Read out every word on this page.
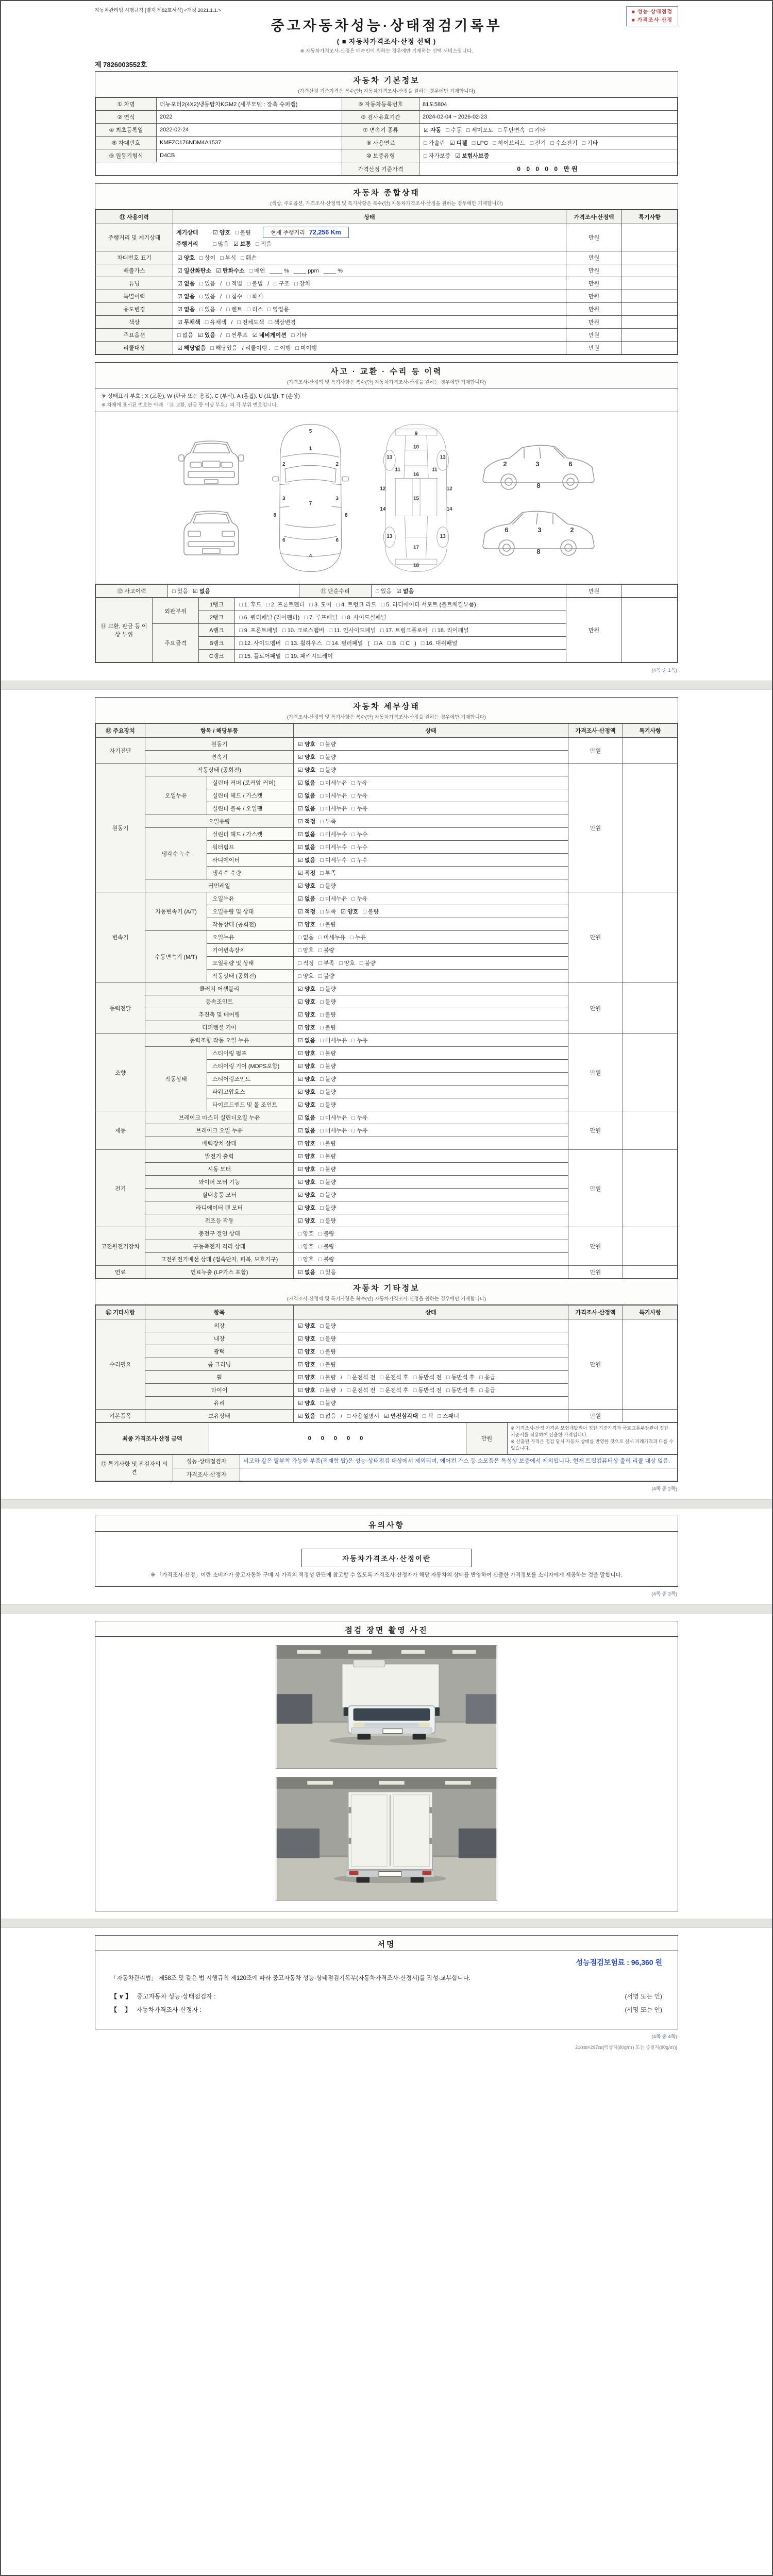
자동차관리법 시행규칙 [별지 제82호서식] <개정 2021.1.1.>	■ 성능·상태점검
■ 가격조사·산정
중고자동차성능·상태점검기록부
( ■ 자동차가격조사·산정 선택 )
※ 자동차가격조사·산정은 매수인이 원하는 경우에만 기재하는 선택 서비스입니다.
제 7826003552호
자동차 기본정보
(가격산정 기준가격은 복수(안) 자동차가격조사·산정을 원하는 경우에만 기재합니다)
① 차명	더뉴포터2(4X2)냉동탑차KGM2 (세부모델 : 장축 슈퍼캡)	⑥ 자동차등록번호	81도5804
② 연식	2022	③ 검사유효기간	2024-02-04 ~ 2026-02-23
④ 최초등록일	2022-02-24	⑦ 변속기 종류	☑ 자동 □ 수동 □ 세미오토 □ 무단변속 □ 기타
⑤ 차대번호	KMFZC176NDM4A1537	⑧ 사용연료	□ 가솔린 ☑ 디젤 □ LPG □ 하이브리드 □ 전기 □ 수소전기 □ 기타
⑨ 원동기형식	D4CB	⑩ 보증유형	□ 자가보증 ☑ 보험사보증
		가격산정 기준가격	0 0 0 0 0 만원
자동차 종합상태
(색상, 주요옵션, 가격조사·산정액 및 특기사항은 복수(안) 자동차가격조사·산정을 원하는 경우에만 기재합니다)
⑪ 사용이력	상태	가격조사·산정액	특기사항
주행거리 및 계기상태	계기상태 ☑ 양호 □ 불량 현재 주행거리 72,256 Km
주행거리 □ 많음 ☑ 보통 □ 적음	만원	
차대번호 표기	☑ 양호 □ 상이 □ 부식 □ 훼손	만원	
배출가스	☑ 일산화탄소 ☑ 탄화수소 □ 매연 ____ % ____ ppm ____ %	만원	
튜닝	☑ 없음 □ 있음 / □ 적법 □ 불법 / □ 구조 □ 장치	만원	
특별이력	☑ 없음 □ 있음 / □ 침수 □ 화재	만원	
용도변경	☑ 없음 □ 있음 / □ 렌트 □ 리스 □ 영업용	만원	
색상	☑ 무채색 □ 유채색 / □ 전체도색 □ 색상변경	만원	
주요옵션	□ 없음 ☑ 있음 / □ 썬루프 ☑ 네비게이션 □ 기타	만원	
리콜대상	☑ 해당없음 □ 해당있음 / 리콜이행 : □ 이행 □ 미이행	만원	
사고 · 교환 · 수리 등 이력
(가격조사·산정액 및 특기사항은 복수(안) 자동차가격조사·산정을 원하는 경우에만 기재합니다)
※ 상태표시 부호 : X (교환), W (판금 또는 용접), C (부식), A (흠집), U (요철), T (손상)
※ 차체에 표시된 번호는 아래 「⑭ 교환, 판금 등 이상 부위」의 각 부위 번호입니다.
5
1
2	2
3	3
8	8
7
6	6
4
9
10
11	11
13	13
12	12
16
15
14	14
13	13
17
18
2	3	6
8
2
3
6
8
⑫ 사고이력	□ 있음 ☑ 없음	⑬ 단순수리	□ 있음 ☑ 없음	만원	
⑭ 교환, 판금 등 이상 부위	외판부위	1랭크	□ 1. 후드 □ 2. 프론트펜더 □ 3. 도어 □ 4. 트렁크 리드 □ 5. 라디에이터 서포트 (볼트체결부품)	만원	
		2랭크	□ 6. 쿼터패널 (리어펜더) □ 7. 루프패널 □ 8. 사이드실패널		
	주요골격	A랭크	□ 9. 프론트패널 □ 10. 크로스멤버 □ 11. 인사이드패널 □ 17. 트렁크플로어 □ 18. 리어패널		
		B랭크	□ 12. 사이드멤버 □ 13. 휠하우스 □ 14. 필러패널 ( □ A □ B □ C ) □ 16. 대쉬패널		
		C랭크	□ 15. 플로어패널 □ 19. 패키지트레이		
(4쪽 중 1쪽)
자동차 세부상태
(가격조사·산정액 및 특기사항은 복수(안) 자동차가격조사·산정을 원하는 경우에만 기재합니다)
⑮ 주요장치	항목 / 해당부품		상태	가격조사·산정액	특기사항
자기진단	원동기		☑ 양호 □ 불량	만원	
	변속기		☑ 양호 □ 불량		
원동기	작동상태 (공회전)		☑ 양호 □ 불량	만원	
	오일누유	실린더 커버 (로커암 커버)	☑ 없음 □ 미세누유 □ 누유		
		실린더 헤드 / 가스켓	☑ 없음 □ 미세누유 □ 누유		
		실린더 블록 / 오일팬	☑ 없음 □ 미세누유 □ 누유		
	오일유량		☑ 적정 □ 부족		
	냉각수 누수	실린더 헤드 / 가스켓	☑ 없음 □ 미세누수 □ 누수		
		워터펌프	☑ 없음 □ 미세누수 □ 누수		
		라디에이터	☑ 없음 □ 미세누수 □ 누수		
		냉각수 수량	☑ 적정 □ 부족		
	커먼레일		☑ 양호 □ 불량		
변속기	자동변속기 (A/T)	오일누유	☑ 없음 □ 미세누유 □ 누유	만원	
		오일유량 및 상태	☑ 적정 □ 부족 ☑ 양호 □ 불량		
		작동상태 (공회전)	☑ 양호 □ 불량		
	수동변속기 (M/T)	오일누유	□ 없음 □ 미세누유 □ 누유		
		기어변속장치	□ 양호 □ 불량		
		오일유량 및 상태	□ 적정 □ 부족 □ 양호 □ 불량		
		작동상태 (공회전)	□ 양호 □ 불량		
동력전달	클러치 어셈블리		☑ 양호 □ 불량	만원	
	등속조인트		☑ 양호 □ 불량		
	추진축 및 베어링		☑ 양호 □ 불량		
	디퍼렌셜 기어		☑ 양호 □ 불량		
조향	동력조향 작동 오일 누유		☑ 없음 □ 미세누유 □ 누유	만원	
	작동상태	스티어링 펌프	☑ 양호 □ 불량		
		스티어링 기어 (MDPS포함)	☑ 양호 □ 불량		
		스티어링조인트	☑ 양호 □ 불량		
		파워고압호스	☑ 양호 □ 불량		
		타이로드엔드 및 볼 조인트	☑ 양호 □ 불량		
제동	브레이크 마스터 실린더오일 누유		☑ 없음 □ 미세누유 □ 누유	만원	
	브레이크 오일 누유		☑ 없음 □ 미세누유 □ 누유		
	배력장치 상태		☑ 양호 □ 불량		
전기	발전기 출력		☑ 양호 □ 불량	만원	
	시동 모터		☑ 양호 □ 불량		
	와이퍼 모터 기능		☑ 양호 □ 불량		
	실내송풍 모터		☑ 양호 □ 불량		
	라디에이터 팬 모터		☑ 양호 □ 불량		
	전조등 작동		☑ 양호 □ 불량		
고전원전기장치	충전구 절연 상태		□ 양호 □ 불량	만원	
	구동축전지 격리 상태		□ 양호 □ 불량		
	고전원전기배선 상태 (접속단자, 피복, 보호기구)		□ 양호 □ 불량		
연료	연료누출 (LP가스 포함)		☑ 없음 □ 있음	만원	
자동차 기타정보
(가격조사·산정액 및 특기사항은 복수(안) 자동차가격조사·산정을 원하는 경우에만 기재합니다)
⑯ 기타사항	항목	상태	가격조사·산정액	특기사항
수리필요	외장	☑ 양호 □ 불량	만원	
	내장	☑ 양호 □ 불량		
	광택	☑ 양호 □ 불량		
	룸 크리닝	☑ 양호 □ 불량		
	휠	☑ 양호 □ 불량 / □ 운전석 전 □ 운전석 후 □ 동반석 전 □ 동반석 후 □ 응급		
	타이어	☑ 양호 □ 불량 / □ 운전석 전 □ 운전석 후 □ 동반석 전 □ 동반석 후 □ 응급		
	유리	☑ 양호 □ 불량		
기본품목	보유상태	☑ 있음 □ 없음 / □ 사용설명서 ☑ 안전삼각대 □ 잭 □ 스패너	만원	
최종 가격조사·산정 금액	0 0 0 0 0	만원	
※ 가격조사·산정 가격은 보험개발원이 정한 기준가격과 국토교통부장관이 정한 기준서를 적용하여 산출한 가격입니다.
※ 산출된 가격은 점검 당시 자동차 상태를 반영한 것으로 실제 거래가격과 다를 수 있습니다.
⑰ 특기사항 및 점검자의 의견	성능·상태점검자	비고와 같은 탈부착 가능한 부품(적재함 탑)은 성능·상태점검 대상에서 제외되며, 에어컨 가스 등 소모품은 특성상 보증에서 제외됩니다. 현재 트립컴퓨터상 출력 리콜 대상 없음.
	가격조사·산정자	
(4쪽 중 2쪽)
유의사항
자동차가격조사·산정이란
※ 「가격조사·산정」이란 소비자가 중고자동차 구매 시 가격의 적정성 판단에 참고할 수 있도록 가격조사·산정자가 해당 자동차의 상태를 반영하여 산출한 가격정보를 소비자에게 제공하는 것을 말합니다.
(4쪽 중 3쪽)
점검 장면 촬영 사진
서명
성능점검보험료 : 96,360 원

「자동차관리법」 제58조 및 같은 법 시행규칙 제120조에 따라 중고자동차 성능·상태점검기록부(자동차가격조사·산정서)를 작성·교부합니다.

【 ∨ 】 중고자동차 성능·상태점검자 :	(서명 또는 인)
【　 】 자동차가격조사·산정자 :	(서명 또는 인)
(4쪽 중 4쪽)
210㎜×297㎜[백상지(80g/㎡) 또는 중질지(80g/㎡)]
